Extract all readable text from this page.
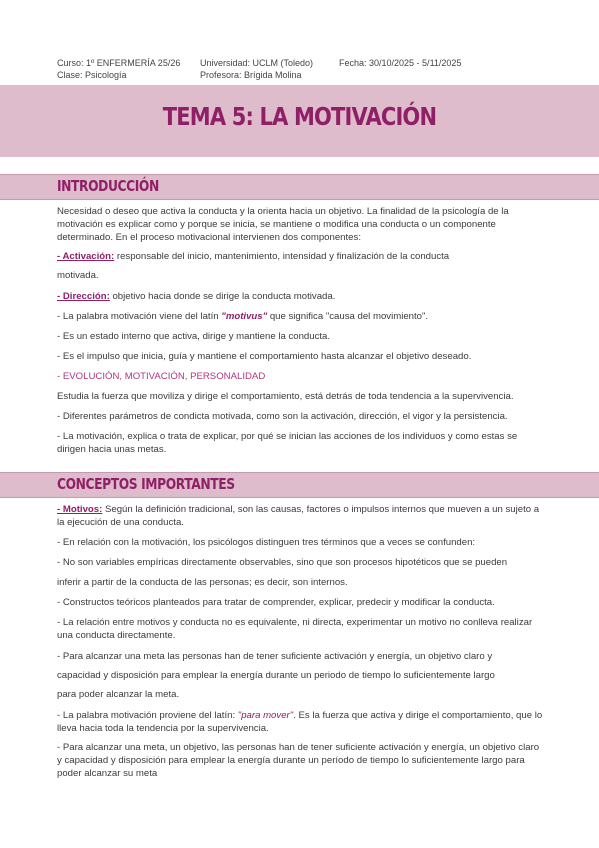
Curso: 1º ENFERMERÍA 25/26	Universidad: UCLM (Toledo)	Fecha: 30/10/2025 - 5/11/2025
Clase: Psicología	Profesora: Brígida Molina
TEMA 5: LA MOTIVACIÓN
INTRODUCCIÓN
Necesidad o deseo que activa la conducta y la orienta hacia un objetivo. La finalidad de la psicología de la motivación es explicar como y porque se inicia, se mantiene o modifica una conducta o un componente determinado. En el proceso motivacional intervienen dos componentes:
- Activación: responsable del inicio, mantenimiento, intensidad y finalización de la conducta
motivada.
- Dirección: objetivo hacia donde se dirige la conducta motivada.
- La palabra motivación viene del latín "motivus" que significa "causa del movimiento".
- Es un estado interno que activa, dirige y mantiene la conducta.
- Es el impulso que inicia, guía y mantiene el comportamiento hasta alcanzar el objetivo deseado.
- EVOLUCIÓN, MOTIVACIÓN, PERSONALIDAD
Estudia la fuerza que moviliza y dirige el comportamiento, está detrás de toda tendencia a la supervivencia.
- Diferentes parámetros de condicta motivada, como son la activación, dirección, el vigor y la persistencia.
- La motivación, explica o trata de explicar, por qué se inician las acciones de los individuos y como estas se dirigen hacia unas metas.
CONCEPTOS IMPORTANTES
- Motivos: Según la definición tradicional, son las causas, factores o impulsos internos que mueven a un sujeto a la ejecución de una conducta.
- En relación con la motivación, los psicólogos distinguen tres términos que a veces se confunden:
- No son variables empíricas directamente observables, sino que son procesos hipotéticos que se pueden
inferir a partir de la conducta de las personas; es decir, son internos.
- Constructos teóricos planteados para tratar de comprender, explicar, predecir y modificar la conducta.
- La relación entre motivos y conducta no es equivalente, ni directa, experimentar un motivo no conlleva realizar una conducta directamente.
- Para alcanzar una meta las personas han de tener suficiente activación y energía, un objetivo claro y
capacidad y disposición para emplear la energía durante un periodo de tiempo lo suficientemente largo
para poder alcanzar la meta.
- La palabra motivación proviene del latín: "para mover". Es la fuerza que activa y dirige el comportamiento, que lo lleva hacia toda la tendencia por la supervivencia.
- Para alcanzar una meta, un objetivo, las personas han de tener suficiente activación y energía, un objetivo claro y capacidad y disposición para emplear la energía durante un período de tiempo lo suficientemente largo para poder alcanzar su meta
